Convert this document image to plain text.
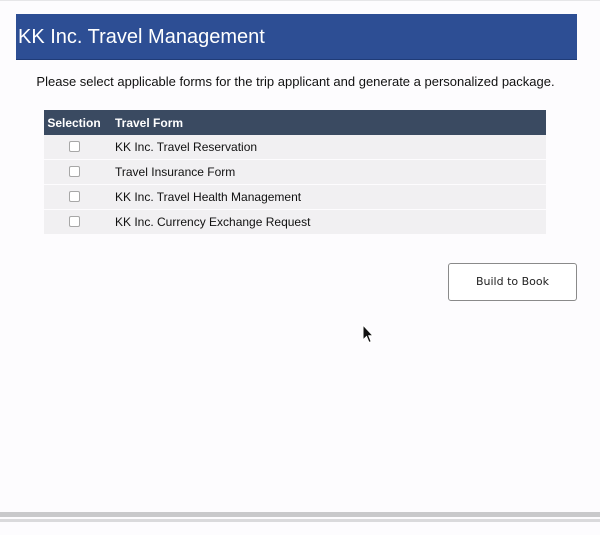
KK Inc. Travel Management
Please select applicable forms for the trip applicant and generate a personalized package.
Selection	Travel Form
	KK Inc. Travel Reservation
	Travel Insurance Form
	KK Inc. Travel Health Management
	KK Inc. Currency Exchange Request
Build to Book
